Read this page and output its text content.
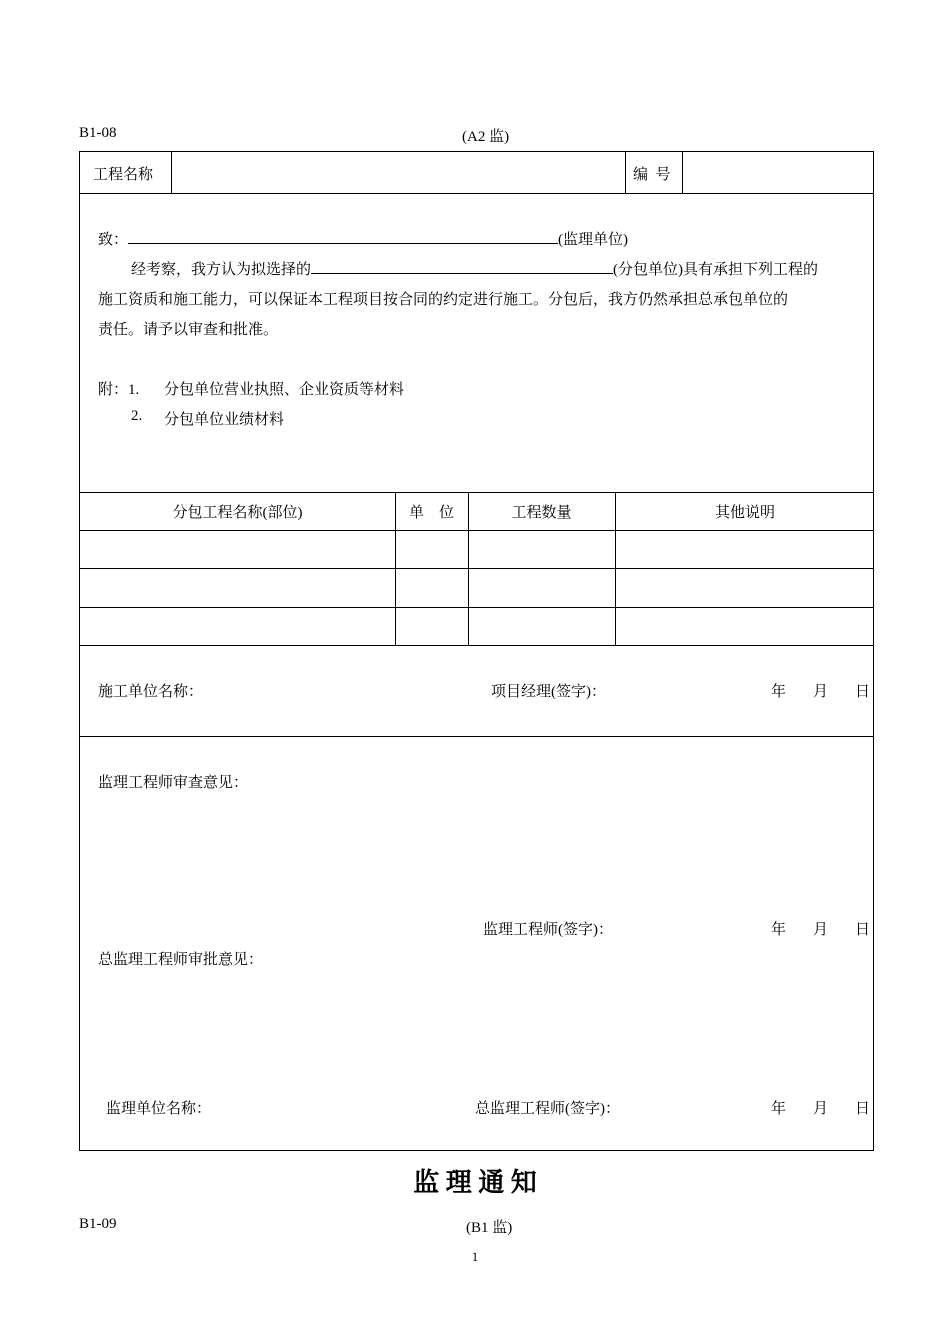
B1-08	(A2 监)
工程名称	编  号
致：	(监理单位)
经考察，我方认为拟选择的	(分包单位)具有承担下列工程的
施工资质和施工能力，可以保证本工程项目按合同的约定进行施工。分包后，我方仍然承担总承包单位的
责任。请予以审查和批准。
附：1. 分包单位营业执照、企业资质等材料
2. 分包单位业绩材料
分包工程名称(部位)	单    位	工程数量	其他说明
施工单位名称：	项目经理(签字)：	年 月 日
监理工程师审查意见：
监理工程师(签字)：	年 月 日
总监理工程师审批意见：
监理单位名称：	总监理工程师(签字)：	年 月 日
监 理 通 知
B1-09	(B1 监)
1
